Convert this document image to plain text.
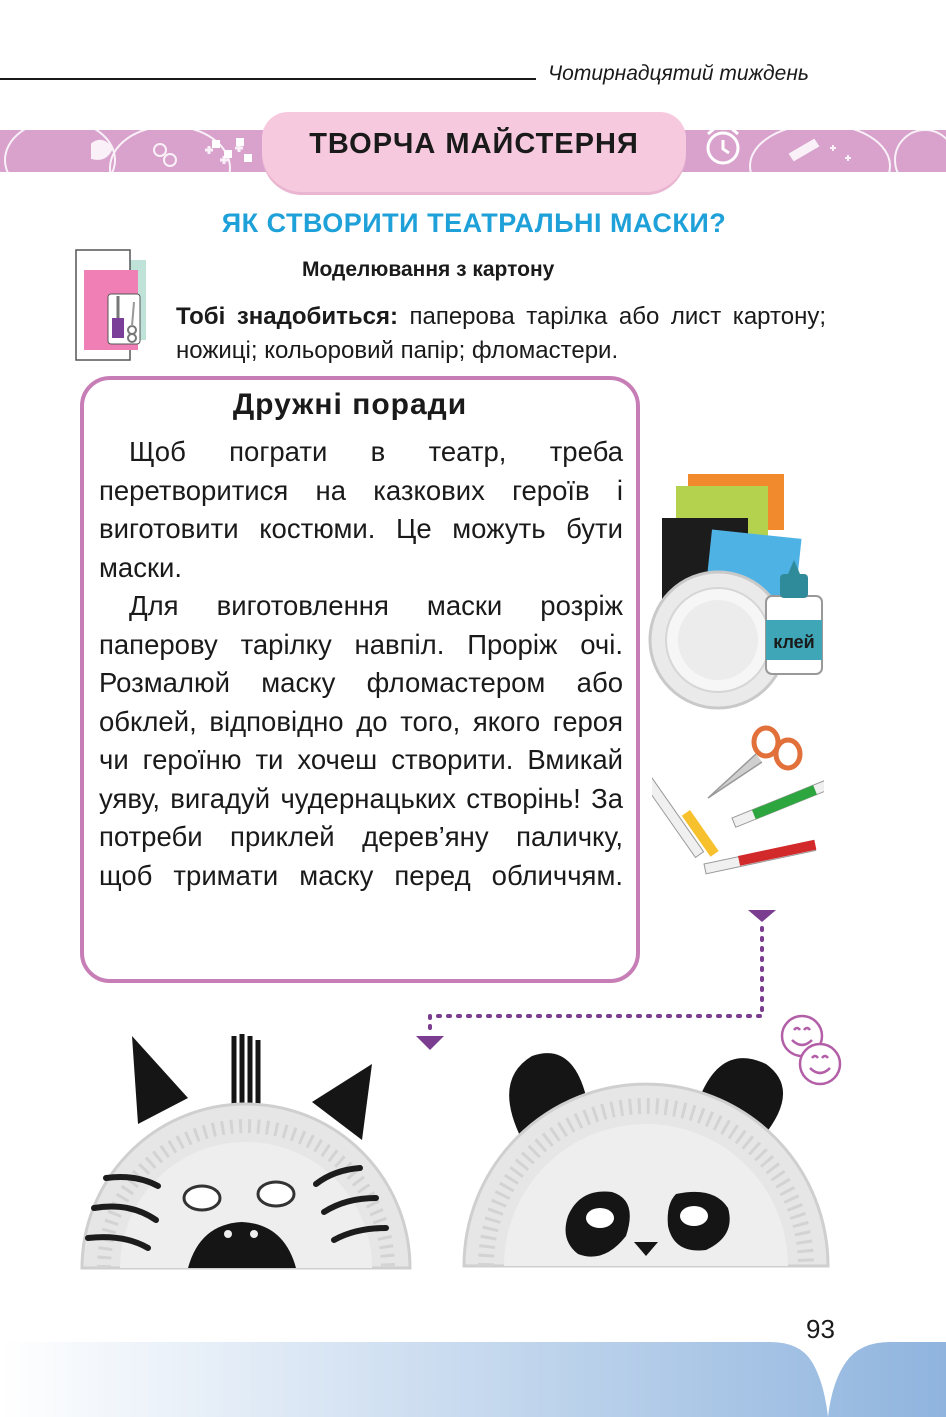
Чотирнадцятий тиждень
ТВОРЧА МАЙСТЕРНЯ
ЯК СТВОРИТИ ТЕАТРАЛЬНІ МАСКИ?
Моделювання з картону
Тобі знадобиться: паперова тарілка або лист картону; ножиці; кольоровий папір; фломастери.
Дружні поради

Щоб пограти в театр, треба перетворитися на казкових героїв і виготовити костюми. Це можуть бути маски.

Для виготовлення маски розріж паперову тарілку навпіл. Проріж очі. Розмалюй маску фломастером або обклей, відповідно до того, якого героя чи героїню ти хочеш створити. Вмикай уяву, вигадуй чудернацьких створінь! За потреби приклей дерев’яну паличку, щоб тримати маску перед обличчям.

клей
93
